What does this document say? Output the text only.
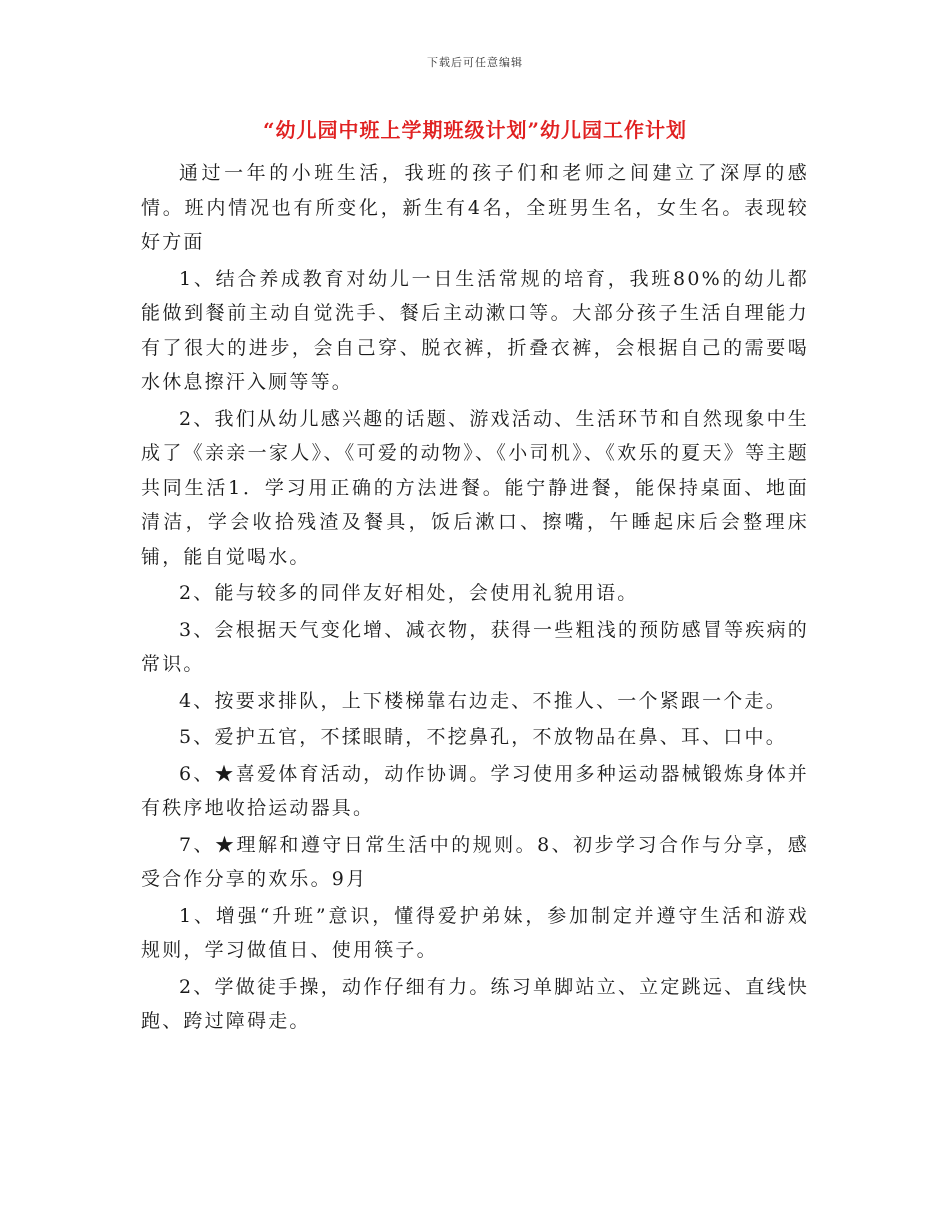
下载后可任意编辑
“幼儿园中班上学期班级计划”幼儿园工作计划

通过一年的小班生活，我班的孩子们和老师之间建立了深厚的感情。班内情况也有所变化，新生有4名，全班男生名，女生名。表现较好方面

1、结合养成教育对幼儿一日生活常规的培育，我班80%的幼儿都能做到餐前主动自觉洗手、餐后主动漱口等。大部分孩子生活自理能力有了很大的进步，会自己穿、脱衣裤，折叠衣裤，会根据自己的需要喝水休息擦汗入厕等等。

2、我们从幼儿感兴趣的话题、游戏活动、生活环节和自然现象中生成了《亲亲一家人》、《可爱的动物》、《小司机》、《欢乐的夏天》等主题共同生活1．学习用正确的方法进餐。能宁静进餐，能保持桌面、地面清洁，学会收拾残渣及餐具，饭后漱口、擦嘴，午睡起床后会整理床铺，能自觉喝水。

2、能与较多的同伴友好相处，会使用礼貌用语。

3、会根据天气变化增、减衣物，获得一些粗浅的预防感冒等疾病的常识。

4、按要求排队，上下楼梯靠右边走、不推人、一个紧跟一个走。

5、爱护五官，不揉眼睛，不挖鼻孔，不放物品在鼻、耳、口中。

6、★喜爱体育活动，动作协调。学习使用多种运动器械锻炼身体并有秩序地收拾运动器具。

7、★理解和遵守日常生活中的规则。8、初步学习合作与分享，感受合作分享的欢乐。9月

1、增强“升班”意识，懂得爱护弟妹，参加制定并遵守生活和游戏规则，学习做值日、使用筷子。

2、学做徒手操，动作仔细有力。练习单脚站立、立定跳远、直线快跑、跨过障碍走。
